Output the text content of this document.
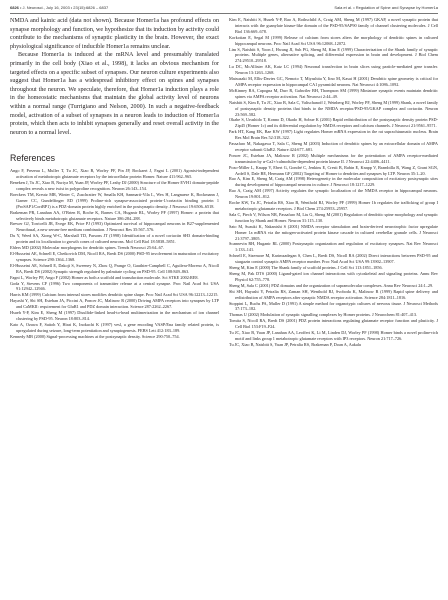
6826 • J. Neurosci., July 16, 2003 • 23(15):6826 – 6837	Sala et al. • Regulation of Spine and Synapse by Homer1a

NMDA and kainic acid (data not shown). Because Homer1a has profound effects on synapse morphology and function, we hypothesize that its induction by activity could contribute to the mechanisms of synaptic plasticity in the brain. However, the exact physiological significance of inducible Homer1a remains unclear.

Because Homer1a is induced at the mRNA level and presumably translated primarily in the cell body (Xiao et al., 1998), it lacks an obvious mechanism for targeted effects on a specific subset of synapses. Our neuron culture experiments also suggest that Homer1a has a widespread inhibitory effect on spines and synapses throughout the neuron. We speculate, therefore, that Homer1a induction plays a role in the homeostatic mechanisms that maintain the global activity level of neurons within a normal range (Turrigiano and Nelson, 2000). In such a negative-feedback model, activation of a subset of synapses in a neuron leads to induction of Homer1a protein, which then acts to inhibit synapses generally and reset overall activity in the neuron to a normal level.

References

Ango F, Prezeau L, Muller T, Tu JC, Xiao B, Worley PF, Pin JP, Bockaert J, Fagni L (2001) Agonist-independent activation of metabotropic glutamate receptors by the intracellular protein Homer. Nature 411:962–965.

Beneken J, Tu JC, Xiao B, Nuriya M, Yuan JP, Worley PF, Leahy DJ (2000) Structure of the Homer EVH1 domain-peptide complex reveals a new twist in polyproline recognition. Neuron 26:143–154.

Boeckers TM, Kreutz MR, Winter C, Zuschratter W, Smalla KH, Sanmarti-Vila L, Wex H, Langnaese K, Bockmann J, Garner CC, Gundelfinger ED (1999) Proline-rich synapse-associated protein-1/cortactin binding protein 1 (ProSAP1/CortBP1) is a PDZ-domain protein highly enriched in the postsynaptic density. J Neurosci 19:6506–6518.

Brakeman PR, Lanahan AA, O'Brien R, Roche K, Barnes CA, Huganir RL, Worley PF (1997) Homer: a protein that selectively binds metabotropic glutamate receptors. Nature 386:284–288.

Brewer GJ, Torricelli JR, Evege EK, Price PJ (1993) Optimized survival of hippocampal neurons in B27-supplemented Neurobasal, a new serum-free medium combination. J Neurosci Res 35:567–576.

Du Y, Weed SA, Xiong W-C, Marshall TD, Parsons JT (1998) Identification of a novel cortactin SH3 domain-binding protein and its localization to growth cones of cultured neurons. Mol Cell Biol 18:5838–5851.

Ehlers MD (2002) Molecular morphogens for dendritic spines. Trends Neurosci 25:64–67.

El-Husseini AE, Schnell E, Chetkovich DM, Nicoll RA, Bredt DS (2000) PSD-95 involvement in maturation of excitatory synapses. Science 290:1364–1368.

El-Husseini AE, Schnell E, Dakoji S, Sweeney N, Zhou Q, Prange O, Gauthier-Campbell C, Aguilera-Moreno A, Nicoll RA, Bredt DS (2002) Synaptic strength regulated by palmitate cycling on PSD-95. Cell 108:849–863.

Fagni L, Worley PF, Ango F (2002) Homer as both a scaffold and transduction molecule. Sci STKE 2002:RE8.

Goda Y, Stevens CF (1996) Two components of transmitter release at a central synapse. Proc Natl Acad Sci USA 91:12942–12946.

Harris KM (1999) Calcium from internal stores modifies dendritic spine shape. Proc Natl Acad Sci USA 96:12213–12215.

Hayashi Y, Shi SH, Esteban JA, Piccini A, Poncer JC, Malinow R (2000) Driving AMPA receptors into synapses by LTP and CaMKII: requirement for GluR1 and PDZ domain interaction. Science 287:2262–2267.

Hsueh Y-P, Kim E, Sheng M (1997) Disulfide-linked head-to-head multimerization in the mechanism of ion channel clustering by PSD-95. Neuron 18:803–814.

Kato A, Ozawa F, Saitoh Y, Hirai K, Inokuchi K (1997) vesl, a gene encoding VASP/Ena family related protein, is upregulated during seizure, long-term potentiation and synaptogenesis. FEBS Lett 412:183–189.

Kennedy MB (2000) Signal-processing machines at the postsynaptic density. Science 290:750–754.

Kim E, Naisbitt S, Hsueh Y-P, Rao A, Rothschild A, Craig AM, Sheng M (1997) GKAP, a novel synaptic protein that interacts with the guanylate kinase-like domain of the PSD-95/SAP90 family of channel clustering molecules. J Cell Biol 136:669–678.

Korkotian E, Segal M (1999) Release of calcium from stores alters the morphology of dendritic spines in cultured hippocampal neurons. Proc Natl Acad Sci USA 96:12068–12072.

Lim S, Naisbitt S, Yoon J, Hwang JI, Suh PG, Sheng M, Kim E (1999) Characterization of the Shank family of synaptic proteins. Multiple genes, alternative splicing, and differential expression in brain and development. J Biol Chem 274:29510–29518.

Lu DC, McAllister AK, Katz LC (1994) Neuronal transfection in brain slices using particle-mediated gene transfer. Neuron 13:1263–1268.

Matsuzaki M, Ellis-Davies GC, Nemoto T, Miyashita Y, Iino M, Kasai H (2001) Dendritic spine geometry is critical for AMPA receptor expression in hippocampal CA1 pyramidal neurons. Nat Neurosci 4:1086–1092.

McKinney RA, Capogna M, Durr R, Gahwiler BH, Thompson SM (1999) Miniature synaptic events maintain dendritic spines via AMPA receptor activation. Nat Neurosci 2:44–49.

Naisbitt S, Kim E, Tu JC, Xiao B, Sala C, Valtschanoff J, Weinberg RJ, Worley PF, Sheng M (1999) Shank, a novel family of postsynaptic density proteins that binds to the NMDA receptor/PSD-95/GKAP complex and cortactin. Neuron 23:569–582.

Okabe S, Urushido T, Konno D, Okado H, Sobue K (2001) Rapid redistribution of the postsynaptic density protein PSD-Zip45 (Homer 1c) and its differential regulation by NMDA receptors and calcium channels. J Neurosci 21:9561–9571.

Park HT, Kang EK, Bae KW (1997) Light regulates Homer mRNA expression in the rat suprachiasmatic nucleus. Brain Res Mol Brain Res 52:318–322.

Passafaro M, Nakagawa T, Sala C, Sheng M (2003) Induction of dendritic spines by an extracellular domain of AMPA receptor subunit GluR2. Nature 424:677–681.

Poncer JC, Esteban JA, Malinow R (2002) Multiple mechanisms for the potentiation of AMPA receptor-mediated transmission by α-Ca2+/calmodulin-dependent protein kinase II. J Neurosci 22:4406–4411.

Pozo-Miller L, Knapp V, Ebert G, Gondré C, Jenkins E, Cresti B, Rabin E, Knapp V, Brambilla R, Wang Z, Grant SGN, Ardell S, Dale BE, Hermann GF (2002) Targeting of Homer to dendrites and synapses by LTP. Neuron 35:1–20.

Rao A, Kim E, Sheng M, Craig AM (1998) Heterogeneity in the molecular composition of excitatory postsynaptic sites during development of hippocampal neurons in culture. J Neurosci 18:1217–1229.

Rao A, Craig AM (1997) Activity regulates the synaptic localization of the NMDA receptor in hippocampal neurons. Neuron 19:801–812.

Roche KW, Tu JC, Petralia RS, Xiao B, Wenthold RJ, Worley PF (1999) Homer 1b regulates the trafficking of group I metabotropic glutamate receptors. J Biol Chem 274:25953–25957.

Sala C, Piech V, Wilson NR, Passafaro M, Liu G, Sheng M (2001) Regulation of dendritic spine morphology and synaptic function by Shank and Homer. Neuron 31:115–130.

Sato M, Suzuki K, Nakanishi S (2001) NMDA receptor stimulation and brain-derived neurotrophic factor upregulate Homer 1a mRNA via the mitogen-activated protein kinase cascade in cultured cerebellar granule cells. J Neurosci 21:3797–3805.

Scannevin RH, Huganir RL (2000) Postsynaptic organization and regulation of excitatory synapses. Nat Rev Neurosci 1:133–141.

Schnell E, Sizemore M, Karimzadegan S, Chen L, Bredt DS, Nicoll RA (2002) Direct interactions between PSD-95 and stargazin control synaptic AMPA receptor number. Proc Natl Acad Sci USA 99:13902–13907.

Sheng M, Kim E (2000) The Shank family of scaffold proteins. J Cell Sci 113:1851–1856.

Sheng M, Pak DTS (2000) Ligand-gated ion channel interactions with cytoskeletal and signaling proteins. Annu Rev Physiol 62:755–778.

Sheng M, Sala C (2001) PDZ domains and the organization of supramolecular complexes. Annu Rev Neurosci 24:1–29.

Shi SH, Hayashi Y, Petralia RS, Zaman SH, Wenthold RJ, Svoboda K, Malinow R (1999) Rapid spine delivery and redistribution of AMPA receptors after synaptic NMDA receptor activation. Science 284:1811–1816.

Stoppini L, Buchs PA, Muller D (1991) A simple method for organotypic cultures of nervous tissue. J Neurosci Methods 37:173–182.

Thomas U (2002) Modulation of synaptic signalling complexes by Homer proteins. J Neurochem 81:407–413.

Tomita S, Nicoll RA, Bredt DS (2001) PDZ protein interactions regulating glutamate receptor function and plasticity. J Cell Biol 153:F19–F24.

Tu JC, Xiao B, Yuan JP, Lanahan AA, Leoffert K, Li M, Linden DJ, Worley PF (1998) Homer binds a novel proline-rich motif and links group 1 metabotropic glutamate receptors with IP3 receptors. Neuron 21:717–726.

Tu JC, Xiao B, Naisbitt S, Yuan JP, Petralia RS, Brakeman P, Doan A, Aakalu
